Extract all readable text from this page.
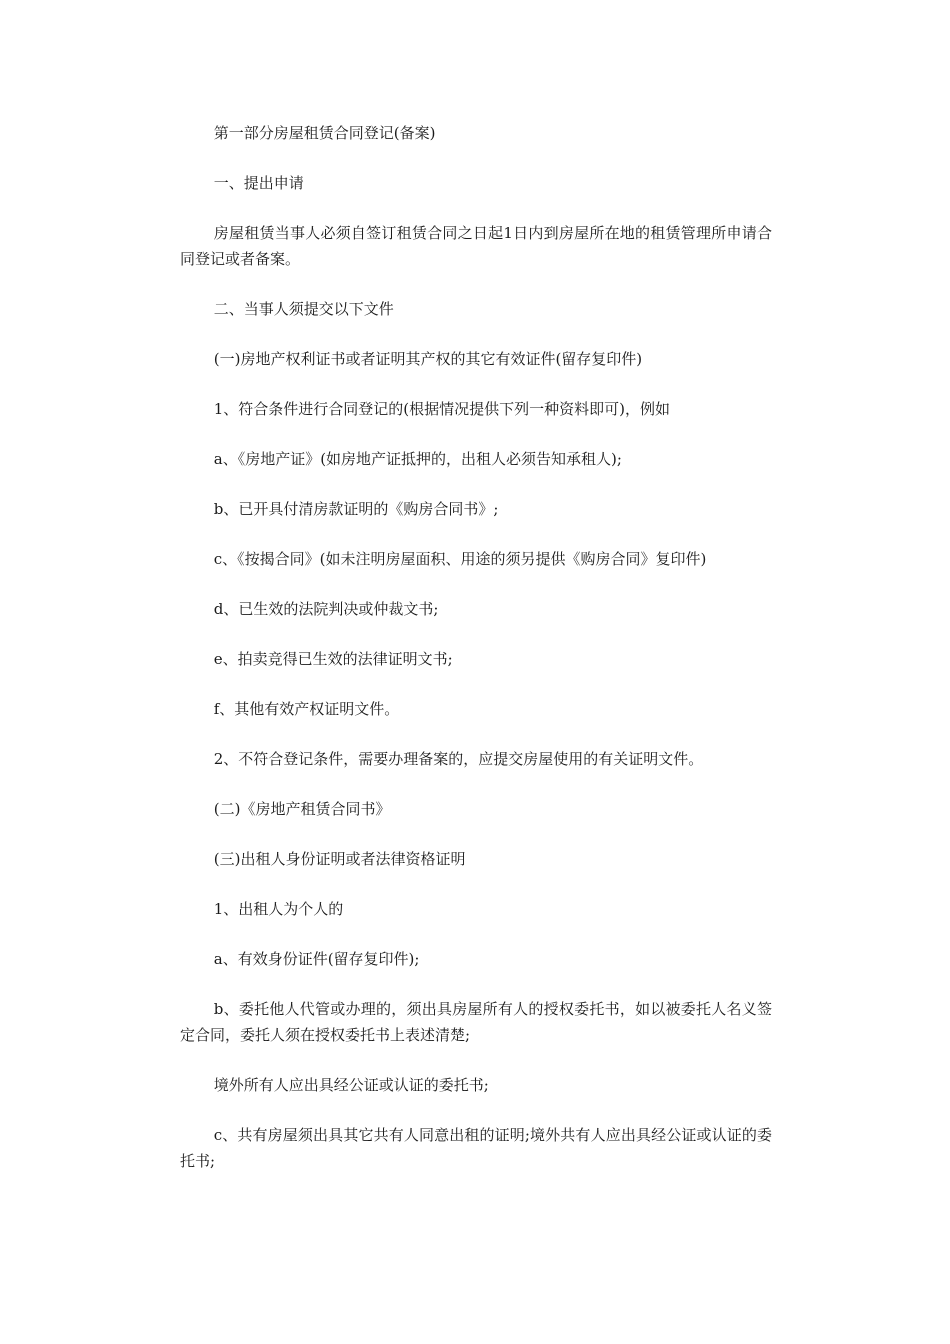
第一部分房屋租赁合同登记(备案)

一、提出申请

房屋租赁当事人必须自签订租赁合同之日起1日内到房屋所在地的租赁管理所申请合同登记或者备案。

二、当事人须提交以下文件

(一)房地产权利证书或者证明其产权的其它有效证件(留存复印件)

1、符合条件进行合同登记的(根据情况提供下列一种资料即可)，例如

a、《房地产证》(如房地产证抵押的，出租人必须告知承租人);

b、已开具付清房款证明的《购房合同书》;

c、《按揭合同》(如未注明房屋面积、用途的须另提供《购房合同》复印件)

d、已生效的法院判决或仲裁文书;

e、拍卖竞得已生效的法律证明文书;

f、其他有效产权证明文件。

2、不符合登记条件，需要办理备案的，应提交房屋使用的有关证明文件。

(二)《房地产租赁合同书》

(三)出租人身份证明或者法律资格证明

1、出租人为个人的

a、有效身份证件(留存复印件);

b、委托他人代管或办理的，须出具房屋所有人的授权委托书，如以被委托人名义签定合同，委托人须在授权委托书上表述清楚;

境外所有人应出具经公证或认证的委托书;

c、共有房屋须出具其它共有人同意出租的证明;境外共有人应出具经公证或认证的委托书;
